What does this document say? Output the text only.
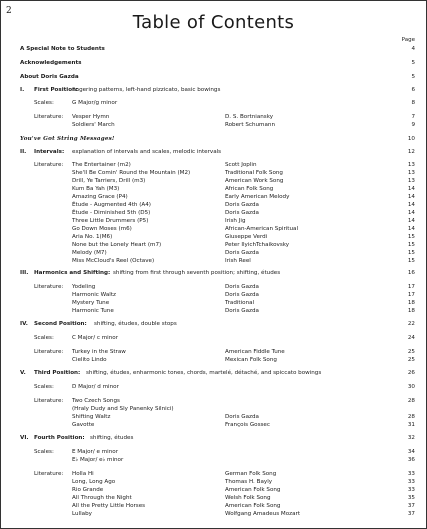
2
Table of Contents
Page
A Special Note to Students	4
Acknowledgements	5
About Doris Gazda	5
I. First Position:
fingering patterns, left-hand pizzicato, basic bowings	6
Scales:	G Major/g minor	8
Literature: Vesper Hymn	D. S. Bortniansky	7
Soldiers' March	Robert Schumann	9
You've Got String Messages!	10
II. Intervals: explanation of intervals and scales, melodic intervals	12
Literature: The Entertainer (m2)	Scott Joplin	13
She'll Be Comin' Round the Mountain (M2)	Traditional Folk Song	13
Drill, Ye Tarriers, Drill (m3)	American Work Song	13
Kum Ba Yah (M3)	African Folk Song	14
Amazing Grace (P4)	Early American Melody	14
Étude - Augmented 4th (A4)	Doris Gazda	14
Étude - Diminished 5th (D5)	Doris Gazda	14
Three Little Drummers (P5)	Irish Jig	14
Go Down Moses (m6)	African-American Spiritual	14
Aria No. 1(M6)	Giuseppe Verdi	15
None but the Lonely Heart (m7)	Peter IlyichTchaikovsky	15
Melody (M7)	Doris Gazda	15
Miss McCloud's Reel (Octave)	Irish Reel	15
III. Harmonics and Shifting: shifting from first through seventh position; shifting, études	16
Literature: Yodeling	Doris Gazda	17
Harmonic Waltz	Doris Gazda	17
Mystery Tune	Traditional	18
Harmonic Tune	Doris Gazda	18
IV. Second Position: shifting, études, double stops	22
Scales:	C Major/ c minor	24
Literature: Turkey in the Straw	American Fiddle Tune	25
Cielito Lindo	Mexican Folk Song	25
V. Third Position: shifting, études, enharmonic tones, chords, martelé, détaché, and spiccato bowings	26
Scales:	D Major/ d minor	30
Literature: Two Czech Songs	28
(Hraly Dudy and Sly Panenky Silnici)
Shifting Waltz	Doris Gazda	28
Gavotte	François Gossec	31
VI. Fourth Position: shifting, études	32
Scales:	E Major/ e minor	34
E♭ Major/ e♭ minor	36
Literature: Holla Hi	German Folk Song	33
Long, Long Ago	Thomas H. Bayly	33
Rio Grande	American Folk Song	33
All Through the Night	Welsh Folk Song	35
All the Pretty Little Horses	American Folk Song	37
Lullaby	Wolfgang Amadeus Mozart	37
